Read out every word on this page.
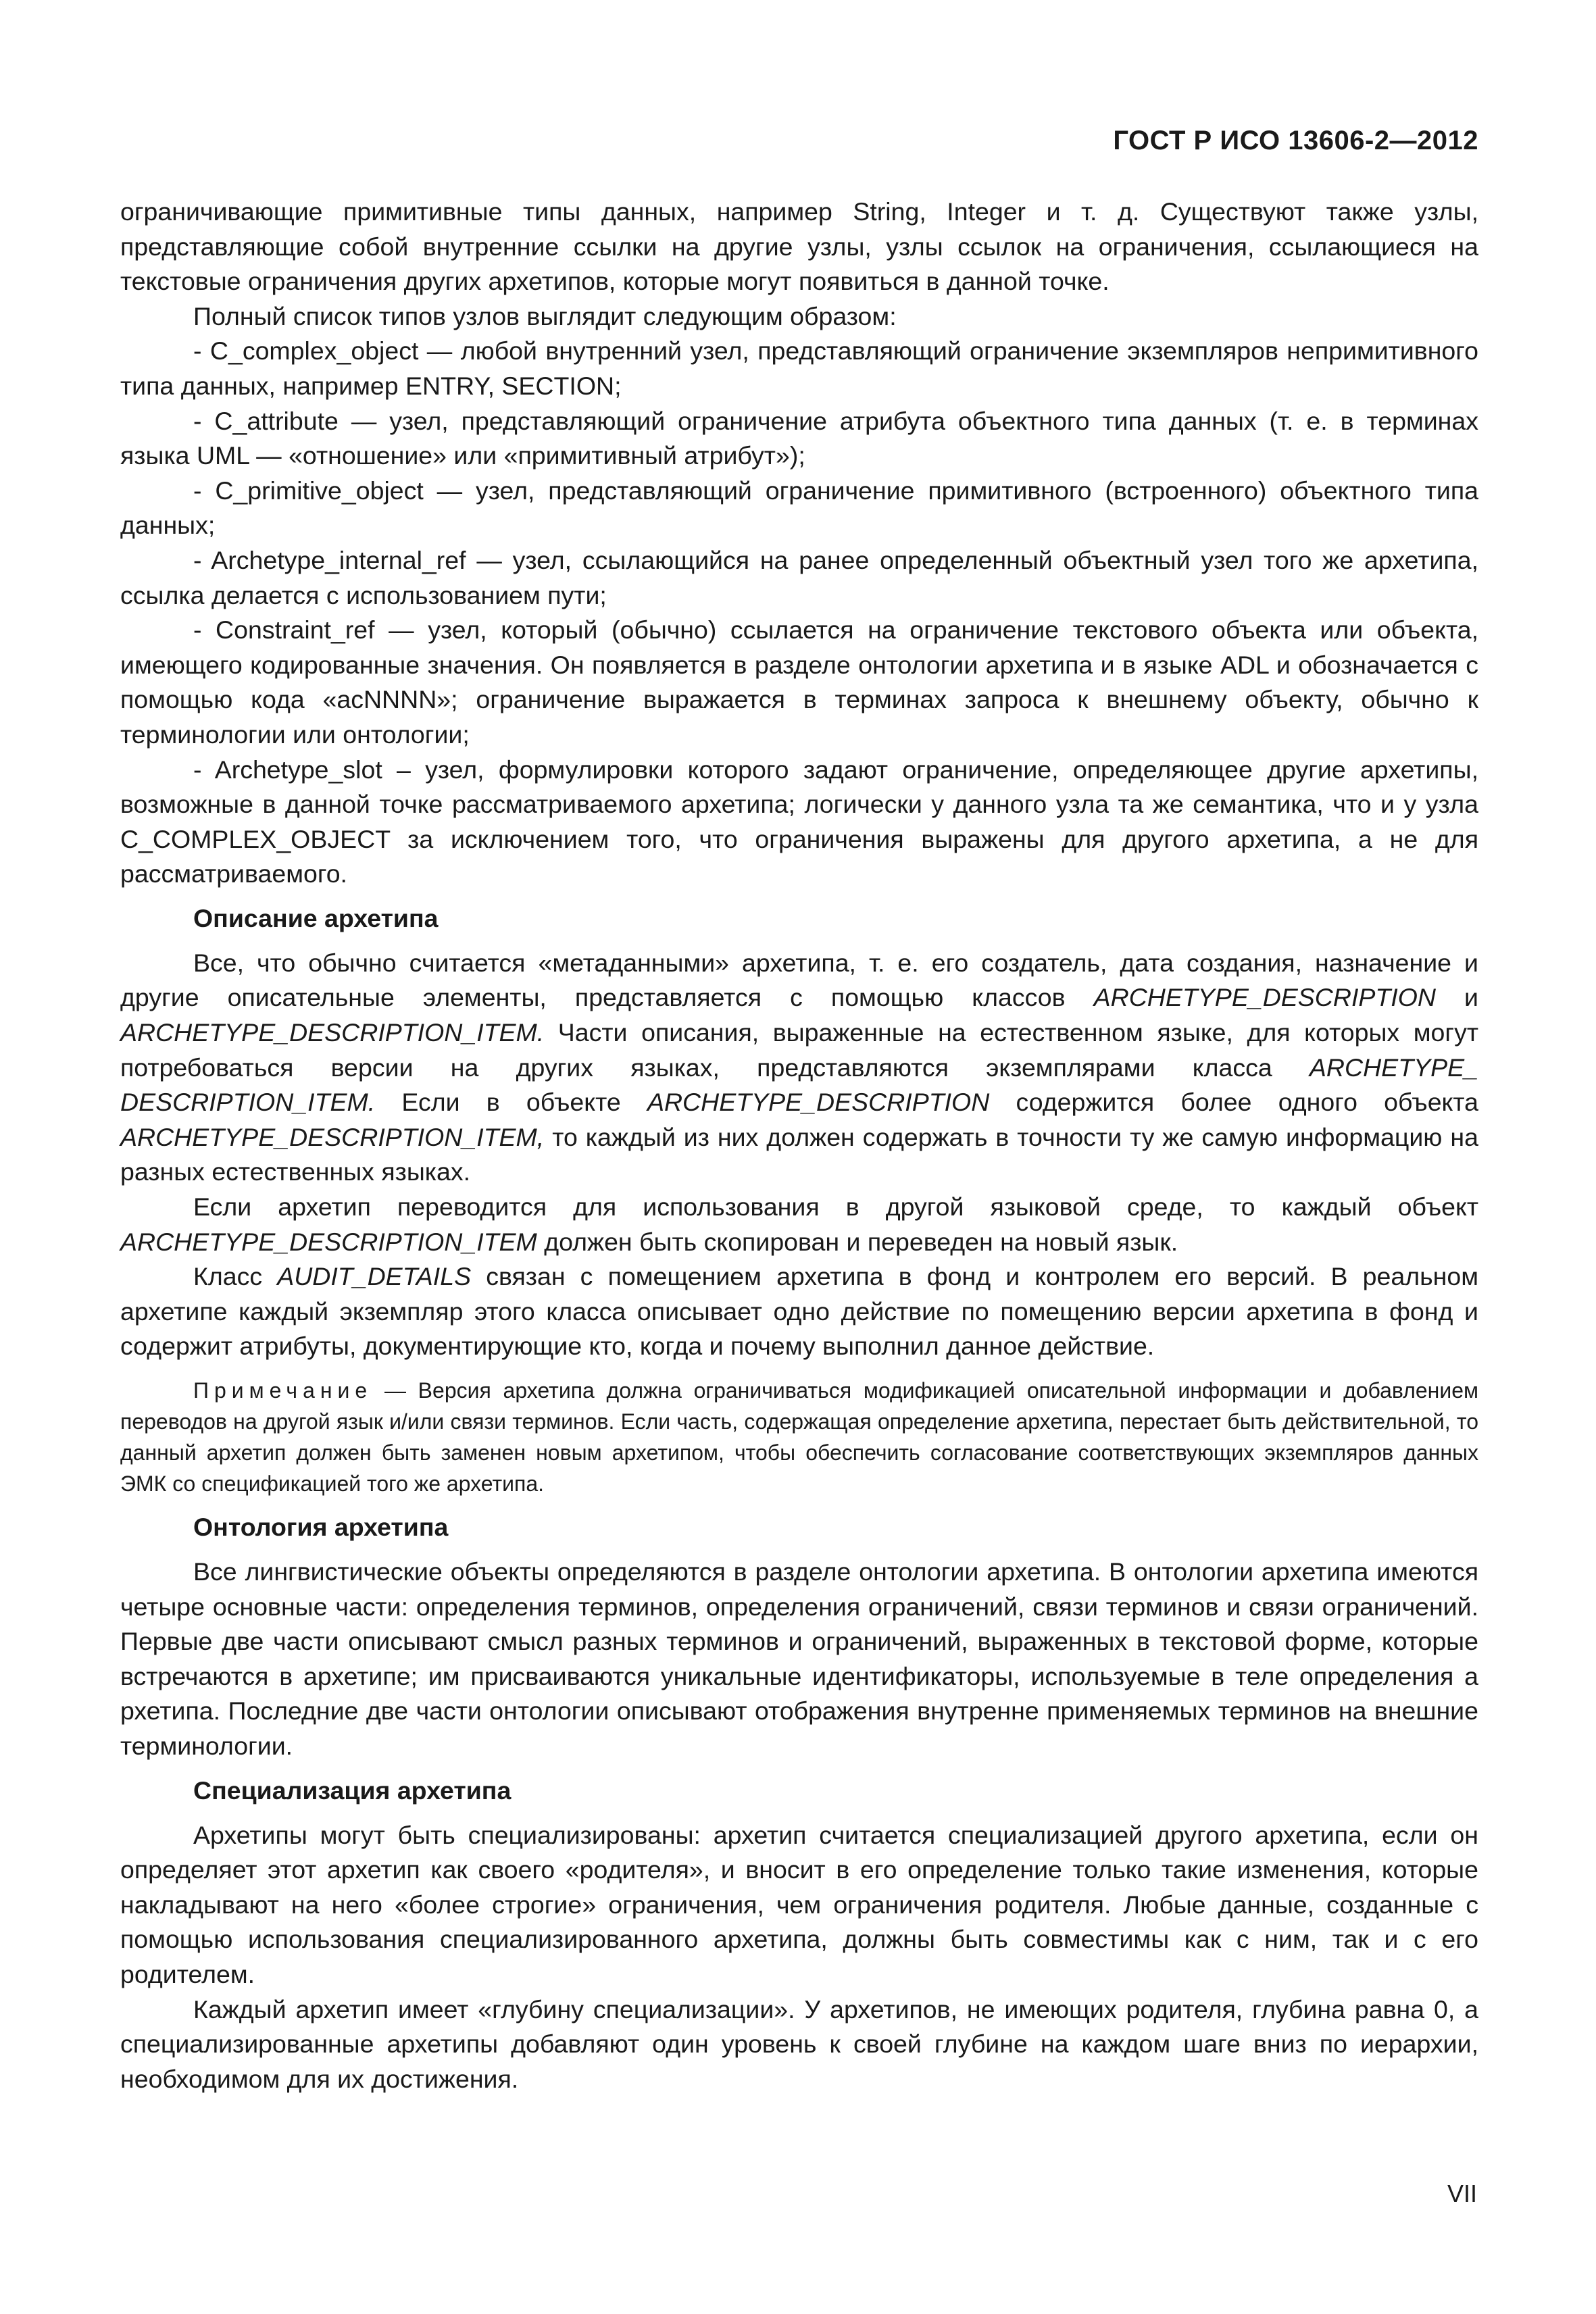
ГОСТ Р ИСО 13606-2—2012

ограничивающие примитивные типы данных, например String, Integer и т. д. Существуют также узлы, представляющие собой внутренние ссылки на другие узлы, узлы ссылок на ограничения, ссылающиеся на текстовые ограничения других архетипов, которые могут появиться в данной точке.

Полный список типов узлов выглядит следующим образом:

- C_complex_object — любой внутренний узел, представляющий ограничение экземпляров непримитивного типа данных, например ENTRY, SECTION;

- C_attribute — узел, представляющий ограничение атрибута объектного типа данных (т. е. в терминах языка UML — «отношение» или «примитивный атрибут»);

- C_primitive_object — узел, представляющий ограничение примитивного (встроенного) объектного типа данных;

- Archetype_internal_ref — узел, ссылающийся на ранее определенный объектный узел того же архетипа, ссылка делается с использованием пути;

- Constraint_ref — узел, который (обычно) ссылается на ограничение текстового объекта или объекта, имеющего кодированные значения. Он появляется в разделе онтологии архетипа и в языке ADL и обозначается с помощью кода «acNNNN»; ограничение выражается в терминах запроса к внешнему объекту, обычно к терминологии или онтологии;

- Archetype_slot – узел, формулировки которого задают ограничение, определяющее другие архетипы, возможные в данной точке рассматриваемого архетипа; логически у данного узла та же семантика, что и у узла C_COMPLEX_OBJECT за исключением того, что ограничения выражены для другого архетипа, а не для рассматриваемого.

Описание архетипа

Все, что обычно считается «метаданными» архетипа, т. е. его создатель, дата создания, назначение и другие описательные элементы, представляется с помощью классов ARCHETYPE_DESCRIPTION и ARCHETYPE_DESCRIPTION_ITEM. Части описания, выраженные на естественном языке, для которых могут потребоваться версии на других языках, представляются экземплярами класса ARCHETYPE_ DESCRIPTION_ITEM. Если в объекте ARCHETYPE_DESCRIPTION содержится более одного объекта ARCHETYPE_DESCRIPTION_ITEM, то каждый из них должен содержать в точности ту же самую информацию на разных естественных языках.

Если архетип переводится для использования в другой языковой среде, то каждый объект ARCHETYPE_DESCRIPTION_ITEM должен быть скопирован и переведен на новый язык.

Класс AUDIT_DETAILS связан с помещением архетипа в фонд и контролем его версий. В реальном архетипе каждый экземпляр этого класса описывает одно действие по помещению версии архетипа в фонд и содержит атрибуты, документирующие кто, когда и почему выполнил данное действие.

Примечание — Версия архетипа должна ограничиваться модификацией описательной информации и добавлением переводов на другой язык и/или связи терминов. Если часть, содержащая определение архетипа, перестает быть действительной, то данный архетип должен быть заменен новым архетипом, чтобы обеспечить согласование соответствующих экземпляров данных ЭМК со спецификацией того же архетипа.

Онтология архетипа

Все лингвистические объекты определяются в разделе онтологии архетипа. В онтологии архетипа имеются четыре основные части: определения терминов, определения ограничений, связи терминов и связи ограничений. Первые две части описывают смысл разных терминов и ограничений, выраженных в текстовой форме, которые встречаются в архетипе; им присваиваются уникальные идентификаторы, используемые в теле определения а рхетипа. Последние две части онтологии описывают отображения внутренне применяемых терминов на внешние терминологии.

Специализация архетипа

Архетипы могут быть специализированы: архетип считается специализацией другого архетипа, если он определяет этот архетип как своего «родителя», и вносит в его определение только такие изменения, которые накладывают на него «более строгие» ограничения, чем ограничения родителя. Любые данные, созданные с помощью использования специализированного архетипа, должны быть совместимы как с ним, так и с его родителем.

Каждый архетип имеет «глубину специализации». У архетипов, не имеющих родителя, глубина равна 0, а специализированные архетипы добавляют один уровень к своей глубине на каждом шаге вниз по иерархии, необходимом для их достижения.

VII
